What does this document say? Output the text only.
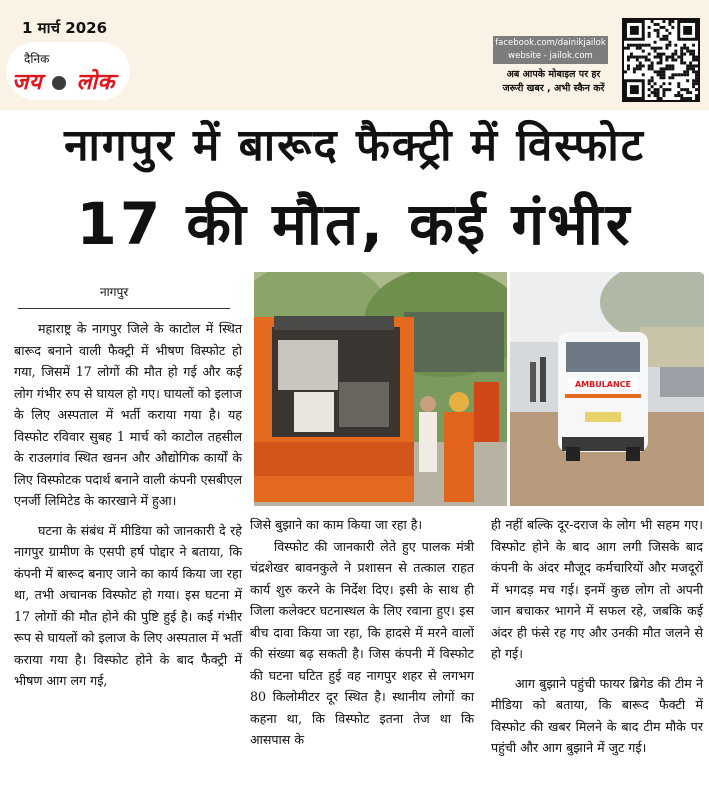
1 मार्च 2026
दैनिक
जय लोक
facebook.com/dainikjailok
website - jailok.com
अब आपके मोबाइल पर हर
जरूरी खबर , अभी स्कैन करें
नागपुर में बारूद फैक्ट्री में विस्फोट
17 की मौत, कई गंभीर
नागपुर

महाराष्ट्र के नागपुर जिले के काटोल में स्थित बारूद बनाने वाली फैक्ट्री में भीषण विस्फोट हो गया, जिसमें 17 लोगों की मौत हो गई और कई लोग गंभीर रुप से घायल हो गए। घायलों को इलाज के लिए अस्पताल में भर्ती कराया गया है। यह विस्फोट रविवार सुबह 1 मार्च को काटोल तहसील के राउलगांव स्थित खनन और औद्योगिक कार्यों के लिए विस्फोटक पदार्थ बनाने वाली कंपनी एसबीएल एनर्जी लिमिटेड के कारखाने में हुआ।

घटना के संबंध में मीडिया को जानकारी दे रहे नागपुर ग्रामीण के एसपी हर्ष पोद्दार ने बताया, कि कंपनी में बारूद बनाए जाने का कार्य किया जा रहा था, तभी अचानक विस्फोट हो गया। इस घटना में 17 लोगों की मौत होने की पुष्टि हुई है। कई गंभीर रूप से घायलों को इलाज के लिए अस्पताल में भर्ती कराया गया है। विस्फोट होने के बाद फैक्ट्री में भीषण आग लग गई,

AMBULANCE

जिसे बुझाने का काम किया जा रहा है।

विस्फोट की जानकारी लेते हुए पालक मंत्री चंद्रशेखर बावनकुले ने प्रशासन से तत्काल राहत कार्य शुरु करने के निर्देश दिए। इसी के साथ ही जिला कलेक्टर घटनास्थल के लिए रवाना हुए। इस बीच दावा किया जा रहा, कि हादसे में मरने वालों की संख्या बढ़ सकती है। जिस कंपनी में विस्फोट की घटना घटित हुई वह नागपुर शहर से लगभग 80 किलोमीटर दूर स्थित है। स्थानीय लोगों का कहना था, कि विस्फोट इतना तेज था कि आसपास के

ही नहीं बल्कि दूर-दराज के लोग भी सहम गए। विस्फोट होने के बाद आग लगी जिसके बाद कंपनी के अंदर मौजूद कर्मचारियों और मजदूरों में भगदड़ मच गई। इनमें कुछ लोग तो अपनी जान बचाकर भागने में सफल रहे, जबकि कई अंदर ही फंसे रह गए और उनकी मौत जलने से हो गई।

आग बुझाने पहुंची फायर ब्रिगेड की टीम ने मीडिया को बताया, कि बारूद फैक्टी में विस्फोट की खबर मिलने के बाद टीम मौके पर पहुंची और आग बुझाने में जुट गई।
